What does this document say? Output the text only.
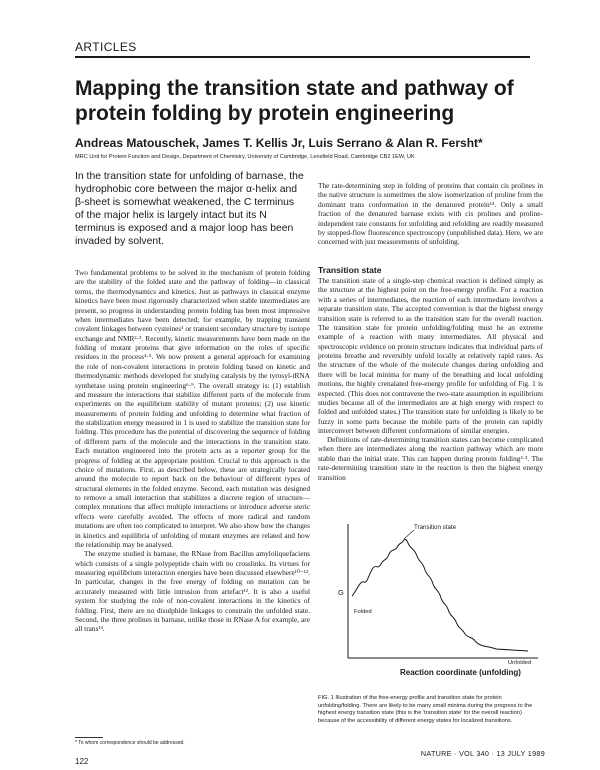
ARTICLES
Mapping the transition state and pathway of protein folding by protein engineering
Andreas Matouschek, James T. Kellis Jr, Luis Serrano & Alan R. Fersht*
MRC Unit for Protein Function and Design, Department of Chemistry, University of Cambridge, Lensfield Road, Cambridge CB2 1EW, UK
In the transition state for unfolding of barnase, the hydrophobic core between the major α-helix and β-sheet is somewhat weakened, the C terminus of the major helix is largely intact but its N terminus is exposed and a major loop has been invaded by solvent.

Two fundamental problems to be solved in the mechanism of protein folding are the stability of the folded state and the pathway of folding—in classical terms, the thermodynamics and kinetics. Just as pathways in classical enzyme kinetics have been most rigorously characterized when stable intermediates are present, so progress in understanding protein folding has been most impressive when intermediates have been detected; for example, by trapping transient covalent linkages between cysteines¹ or transient secondary structure by isotope exchange and NMR²·³. Recently, kinetic measurements have been made on the folding of mutant proteins that give information on the roles of specific residues in the process⁴·⁵. We now present a general approach for examining the role of non-covalent interactions in protein folding based on kinetic and thermodynamic methods developed for studying catalysis by the tyrosyl-tRNA synthetase using protein engineering⁶·⁹. The overall strategy is: (1) establish and measure the interactions that stabilize different parts of the molecule from experiments on the equilibrium stability of mutant proteins; (2) use kinetic measurements of protein folding and unfolding to determine what fraction of the stabilization energy measured in 1 is used to stabilize the transition state for folding. This procedure has the potential of discovering the sequence of folding of different parts of the molecule and the interactions in the transition state. Each mutation engineered into the protein acts as a reporter group for the progress of folding at the appropriate position. Crucial to this approach is the choice of mutations. First, as described below, these are strategically located around the molecule to report back on the behaviour of different types of structural elements in the folded enzyme. Second, each mutation was designed to remove a small interaction that stabilizes a discrete region of structure—complex mutations that affect multiple interactions or introduce adverse steric effects were carefully avoided. The effects of more radical and random mutations are often too complicated to interpret. We also show how the changes in kinetics and equilibria of unfolding of mutant enzymes are related and how the relationship may be analysed.

The enzyme studied is barnase, the RNase from Bacillus amyloliquefaciens which consists of a single polypeptide chain with no crosslinks. Its virtues for measuring equilibrium interaction energies have been discussed elsewhere¹⁰⁻¹². In particular, changes in the free energy of folding on mutation can be accurately measured with little intrusion from artefact¹². It is also a useful system for studying the role of non-covalent interactions in the kinetics of folding. First, there are no disulphide linkages to constrain the unfolded state. Second, the three prolines in barnase, unlike those in RNase A for example, are all trans¹³.

The rate-determining step in folding of proteins that contain cis prolines in the native structure is sometimes the slow isomerization of proline from the dominant trans conformation in the denatured protein¹⁴. Only a small fraction of the denatured barnase exists with cis prolines and proline-independent rate constants for unfolding and refolding are readily measured by stopped-flow fluorescence spectroscopy (unpublished data). Here, we are concerned with just measurements of unfolding.

Transition state

The transition state of a single-step chemical reaction is defined simply as the structure at the highest point on the free-energy profile. For a reaction with a series of intermediates, the reaction of each intermediate involves a separate transition state. The accepted convention is that the highest energy transition state is referred to as the transition state for the overall reaction. The transition state for protein unfolding/folding must be an extreme example of a reaction with many intermediates. All physical and spectroscopic evidence on protein structure indicates that individual parts of proteins breathe and reversibly unfold locally at relatively rapid rates. As the structure of the whole of the molecule changes during unfolding and there will be local minima for many of the breathing and local unfolding motions, the highly crenalated free-energy profile for unfolding of Fig. 1 is expected. (This does not contravene the two-state assumption in equilibrium studies because all of the intermediates are at high energy with respect to folded and unfolded states.) The transition state for unfolding is likely to be fuzzy in some parts because the mobile parts of the protein can rapidly interconvert between different conformations of similar energies.

Definitions of rate-determining transition states can become complicated when there are intermediates along the reaction pathway which are more stable than the initial state. This can happen during protein folding²·³. The rate-determining transition state in the reaction is then the highest energy transition

Transition state
G
Folded
Unfolded
Reaction coordinate (unfolding)
FIG. 1 Illustration of the free-energy profile and transition state for protein unfolding/folding. There are likely to be many small minima during the progress to the highest energy transition state (this is the 'transition state' for the overall reaction) because of the accessibility of different energy states for localized transitions.
* To whom correspondence should be addressed.
122
NATURE · VOL 340 · 13 JULY 1989
